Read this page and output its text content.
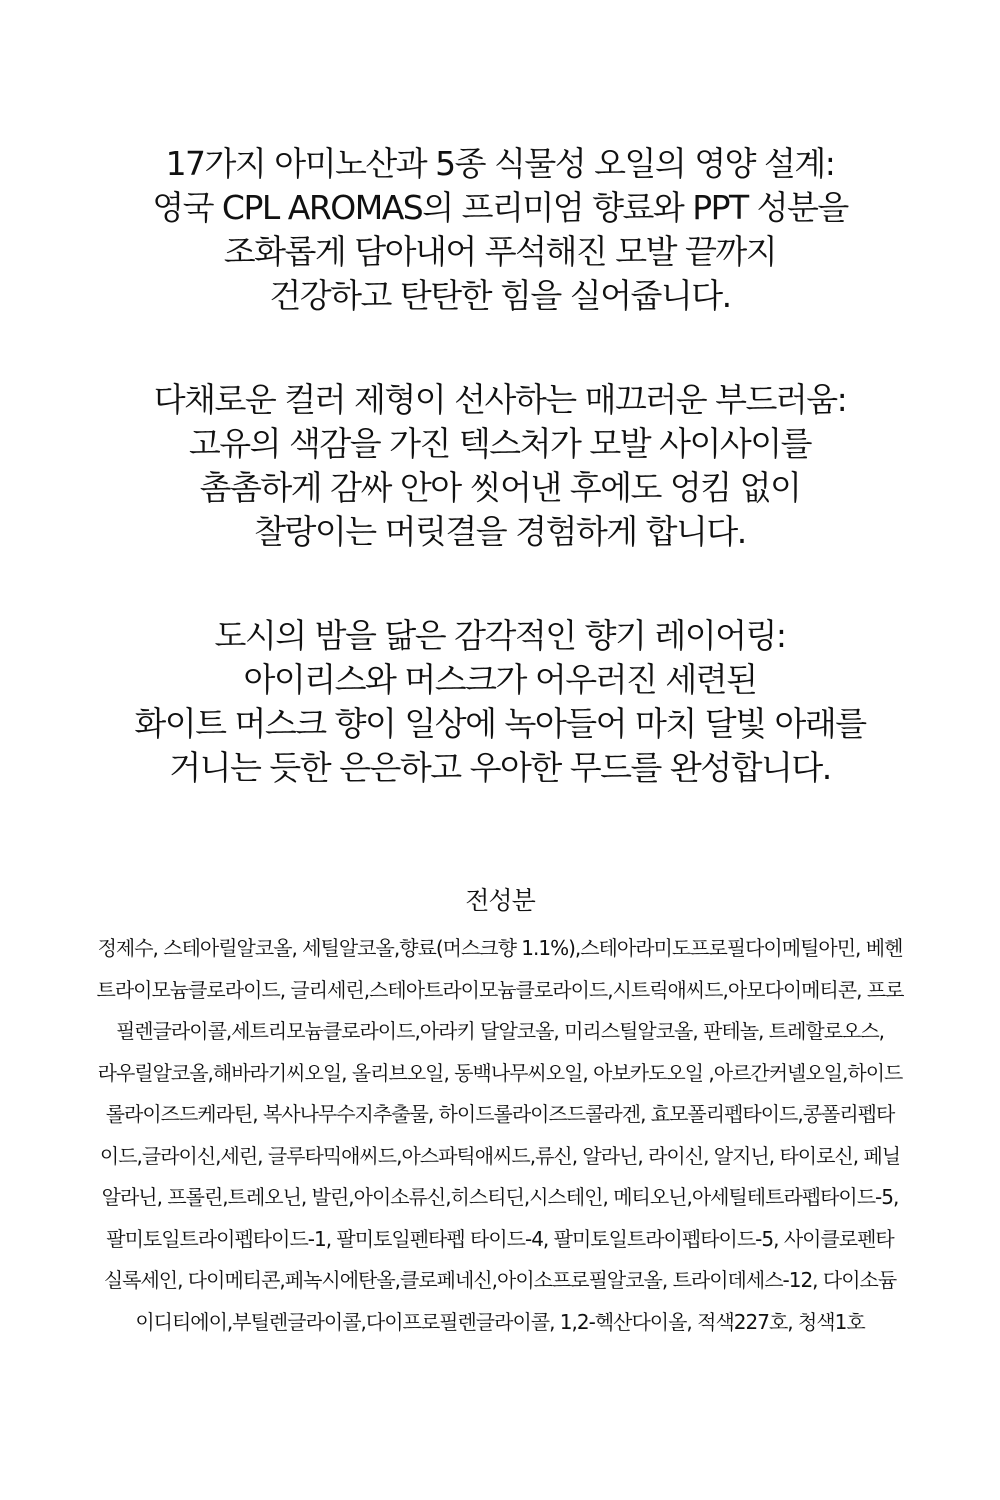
17가지 아미노산과 5종 식물성 오일의 영양 설계:
영국 CPL AROMAS의 프리미엄 향료와 PPT 성분을
조화롭게 담아내어 푸석해진 모발 끝까지
건강하고 탄탄한 힘을 실어줍니다.
다채로운 컬러 제형이 선사하는 매끄러운 부드러움:
고유의 색감을 가진 텍스처가 모발 사이사이를
촘촘하게 감싸 안아 씻어낸 후에도 엉킴 없이
찰랑이는 머릿결을 경험하게 합니다.
도시의 밤을 닮은 감각적인 향기 레이어링:
아이리스와 머스크가 어우러진 세련된
화이트 머스크 향이 일상에 녹아들어 마치 달빛 아래를
거니는 듯한 은은하고 우아한 무드를 완성합니다.
전성분
정제수, 스테아릴알코올, 세틸알코올,향료(머스크향 1.1%),스테아라미도프로필다이메틸아민, 베헨
트라이모늄클로라이드, 글리세린,스테아트라이모늄클로라이드,시트릭애씨드,아모다이메티콘, 프로
필렌글라이콜,세트리모늄클로라이드,아라키 달알코올, 미리스틸알코올, 판테놀, 트레할로오스,
라우릴알코올,해바라기씨오일, 올리브오일, 동백나무씨오일, 아보카도오일 ,아르간커넬오일,하이드
롤라이즈드케라틴, 복사나무수지추출물, 하이드롤라이즈드콜라겐, 효모폴리펩타이드,콩폴리펩타
이드,글라이신,세린, 글루타믹애씨드,아스파틱애씨드,류신, 알라닌, 라이신, 알지닌, 타이로신, 페닐
알라닌, 프롤린,트레오닌, 발린,아이소류신,히스티딘,시스테인, 메티오닌,아세틸테트라펩타이드-5,
팔미토일트라이펩타이드-1, 팔미토일펜타펩 타이드-4, 팔미토일트라이펩타이드-5, 사이클로펜타
실록세인, 다이메티콘,페녹시에탄올,클로페네신,아이소프로필알코올, 트라이데세스-12, 다이소듐
이디티에이,부틸렌글라이콜,다이프로필렌글라이콜, 1,2-헥산다이올, 적색227호, 청색1호
